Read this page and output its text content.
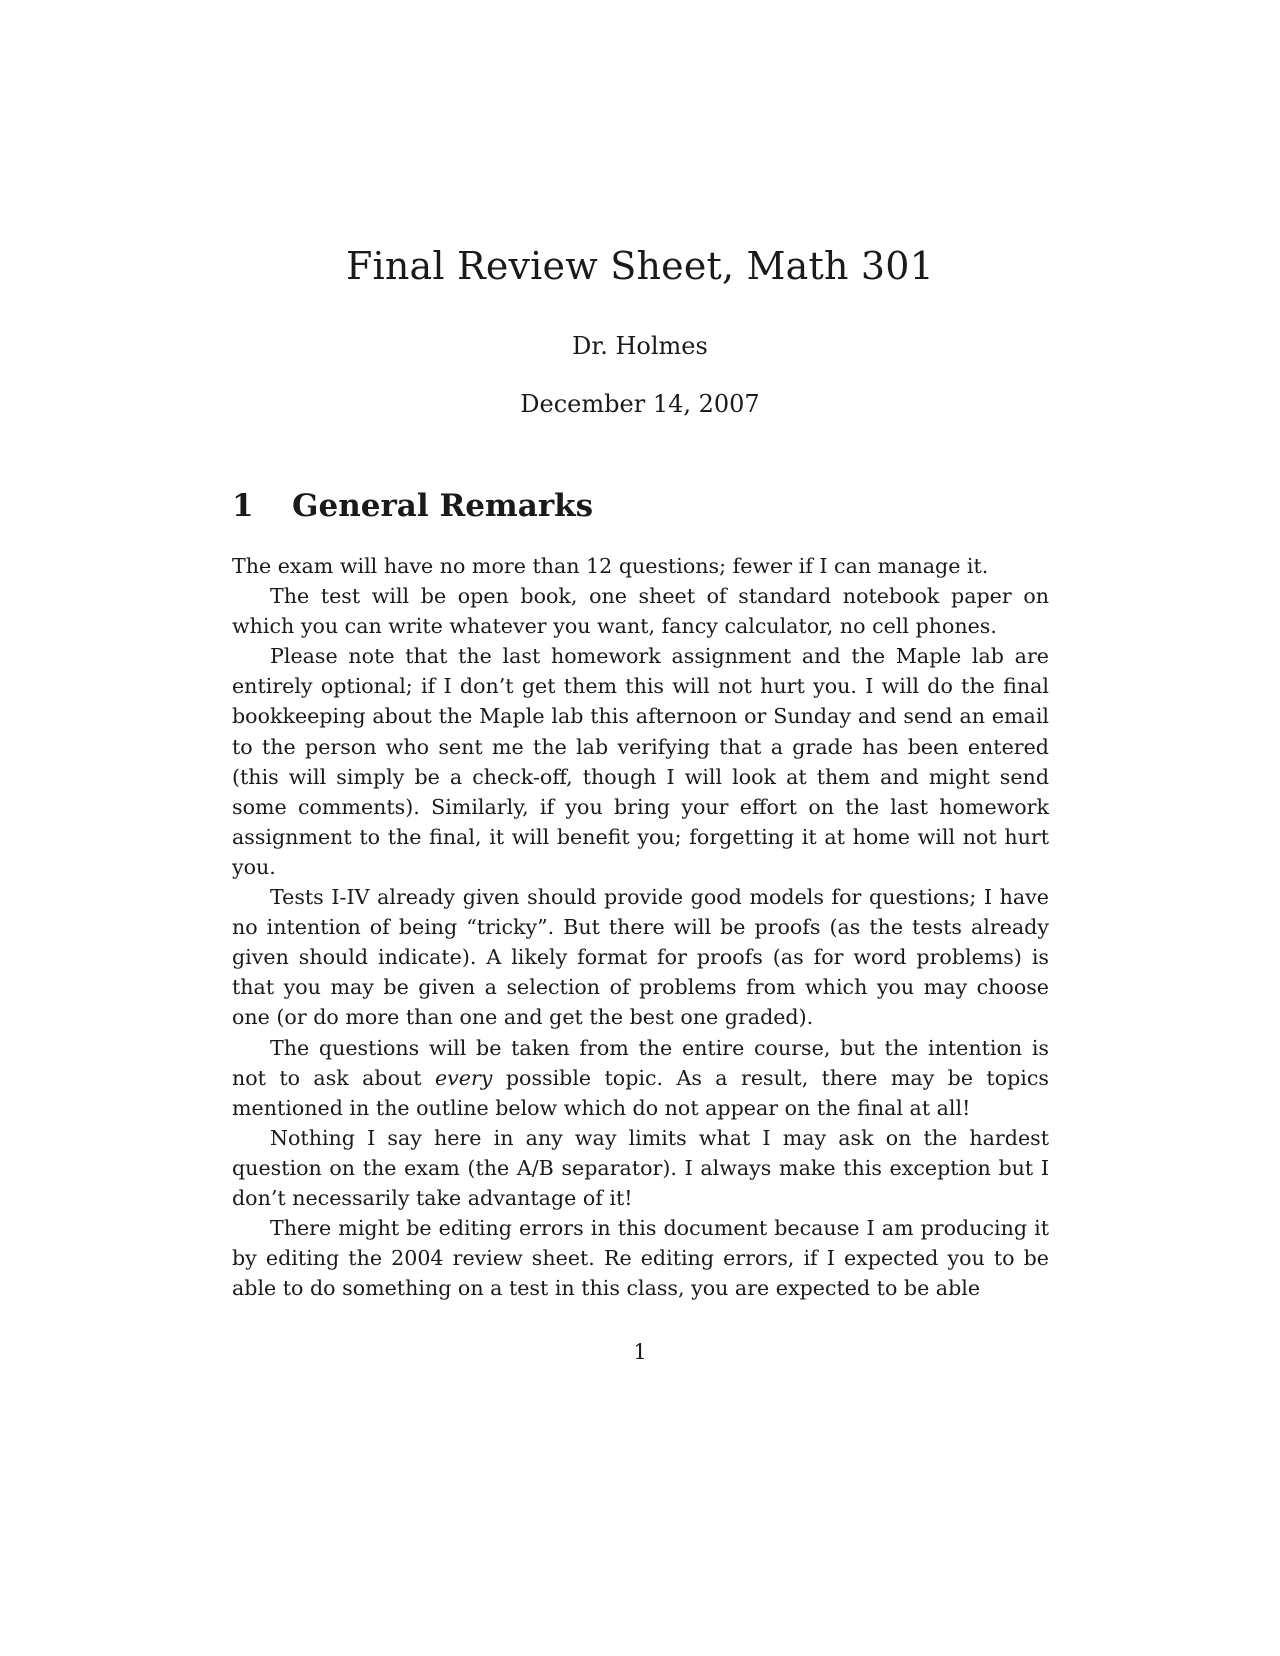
Final Review Sheet, Math 301
Dr. Holmes
December 14, 2007
1 General Remarks

The exam will have no more than 12 questions; fewer if I can manage it.

The test will be open book, one sheet of standard notebook paper on which you can write whatever you want, fancy calculator, no cell phones.

Please note that the last homework assignment and the Maple lab are entirely optional; if I don’t get them this will not hurt you. I will do the final bookkeeping about the Maple lab this afternoon or Sunday and send an email to the person who sent me the lab verifying that a grade has been entered (this will simply be a check-off, though I will look at them and might send some comments). Similarly, if you bring your effort on the last homework assignment to the final, it will benefit you; forgetting it at home will not hurt you.

Tests I-IV already given should provide good models for questions; I have no intention of being “tricky”. But there will be proofs (as the tests already given should indicate). A likely format for proofs (as for word problems) is that you may be given a selection of problems from which you may choose one (or do more than one and get the best one graded).

The questions will be taken from the entire course, but the intention is not to ask about every possible topic. As a result, there may be topics mentioned in the outline below which do not appear on the final at all!

Nothing I say here in any way limits what I may ask on the hardest question on the exam (the A/B separator). I always make this exception but I don’t necessarily take advantage of it!

There might be editing errors in this document because I am producing it by editing the 2004 review sheet. Re editing errors, if I expected you to be able to do something on a test in this class, you are expected to be able

1
